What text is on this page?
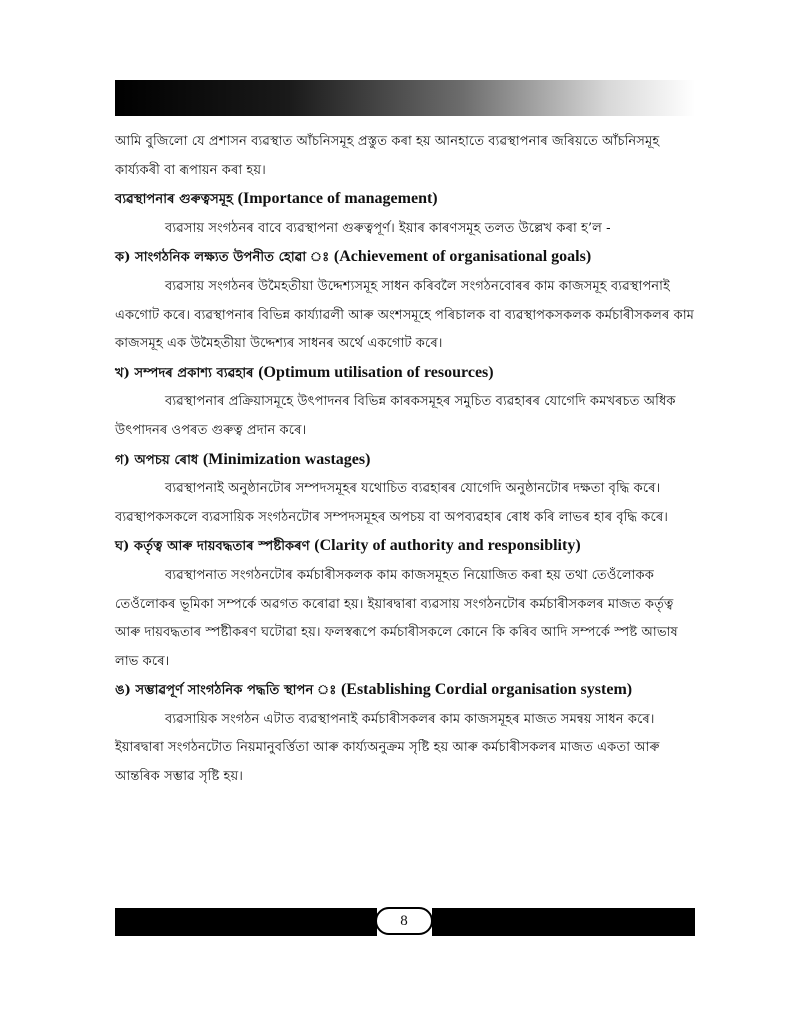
আমি বুজিলো যে প্ৰশাসন ব্যৱস্থাত আঁচনিসমূহ প্ৰস্তুত কৰা হয় আনহাতে ব্যৱস্থাপনাৰ জৰিয়তে আঁচনিসমূহ কাৰ্য্যকৰী বা ৰূপায়ন কৰা হয়।

ব্যৱস্থাপনাৰ গুৰুত্বসমূহ (Importance of management)

ব্যৱসায় সংগঠনৰ বাবে ব্যৱস্থাপনা গুৰুত্বপূৰ্ণ। ইয়াৰ কাৰণসমূহ তলত উল্লেখ কৰা হ’ল -

ক) সাংগঠনিক লক্ষ্যত উপনীত হোৱা ঃ (Achievement of organisational goals)

ব্যৱসায় সংগঠনৰ উমৈহতীয়া উদ্দেশ্যসমূহ সাধন কৰিবলৈ সংগঠনবোৰৰ কাম কাজসমূহ ব্যৱস্থাপনাই একগোট কৰে। ব্যৱস্থাপনাৰ বিভিন্ন কাৰ্য্যাৱলী আৰু অংশসমূহে পৰিচালক বা ব্যৱস্থাপকসকলক কৰ্মচাৰীসকলৰ কাম কাজসমূহ এক উমৈহতীয়া উদ্দেশ্যৰ সাধনৰ অৰ্থে একগোট কৰে।

খ) সম্পদৰ প্ৰকাশ্য ব্যৱহাৰ (Optimum utilisation of resources)

ব্যৱস্থাপনাৰ প্ৰক্ৰিয়াসমূহে উৎপাদনৰ বিভিন্ন কাৰকসমূহৰ সমুচিত ব্যৱহাৰৰ যোগেদি কমখৰচত অধিক উৎপাদনৰ ওপৰত গুৰুত্ব প্ৰদান কৰে।

গ) অপচয় ৰোধ (Minimization wastages)

ব্যৱস্থাপনাই অনুষ্ঠানটোৰ সম্পদসমূহৰ যথোচিত ব্যৱহাৰৰ যোগেদি অনুষ্ঠানটোৰ দক্ষতা বৃদ্ধি কৰে। ব্যৱস্থাপকসকলে ব্যৱসায়িক সংগঠনটোৰ সম্পদসমূহৰ অপচয় বা অপব্যৱহাৰ ৰোধ কৰি লাভৰ হাৰ বৃদ্ধি কৰে।

ঘ) কৰ্তৃত্ব আৰু দায়বদ্ধতাৰ স্পষ্টীকৰণ (Clarity of authority and responsiblity)

ব্যৱস্থাপনাত সংগঠনটোৰ কৰ্মচাৰীসকলক কাম কাজসমূহত নিয়োজিত কৰা হয় তথা তেওঁলোকক তেওঁলোকৰ ভূমিকা সম্পৰ্কে অৱগত কৰোৱা হয়। ইয়াৰদ্বাৰা ব্যৱসায় সংগঠনটোৰ কৰ্মচাৰীসকলৰ মাজত কৰ্তৃত্ব আৰু দায়বদ্ধতাৰ স্পষ্টীকৰণ ঘটোৱা হয়। ফলস্বৰূপে কৰ্মচাৰীসকলে কোনে কি কৰিব আদি সম্পৰ্কে স্পষ্ট আভাষ লাভ কৰে।

ঙ) সম্ভাৱপূৰ্ণ সাংগঠনিক পদ্ধতি স্থাপন ঃ (Establishing Cordial organisation system)

ব্যৱসায়িক সংগঠন এটাত ব্যৱস্থাপনাই কৰ্মচাৰীসকলৰ কাম কাজসমূহৰ মাজত সমন্বয় সাধন কৰে। ইয়াৰদ্বাৰা সংগঠনটোত নিয়মানুবৰ্ত্তিতা আৰু কাৰ্য্যঅনুক্ৰম সৃষ্টি হয় আৰু কৰ্মচাৰীসকলৰ মাজত একতা আৰু আন্তৰিক সম্ভাৱ সৃষ্টি হয়।

8
